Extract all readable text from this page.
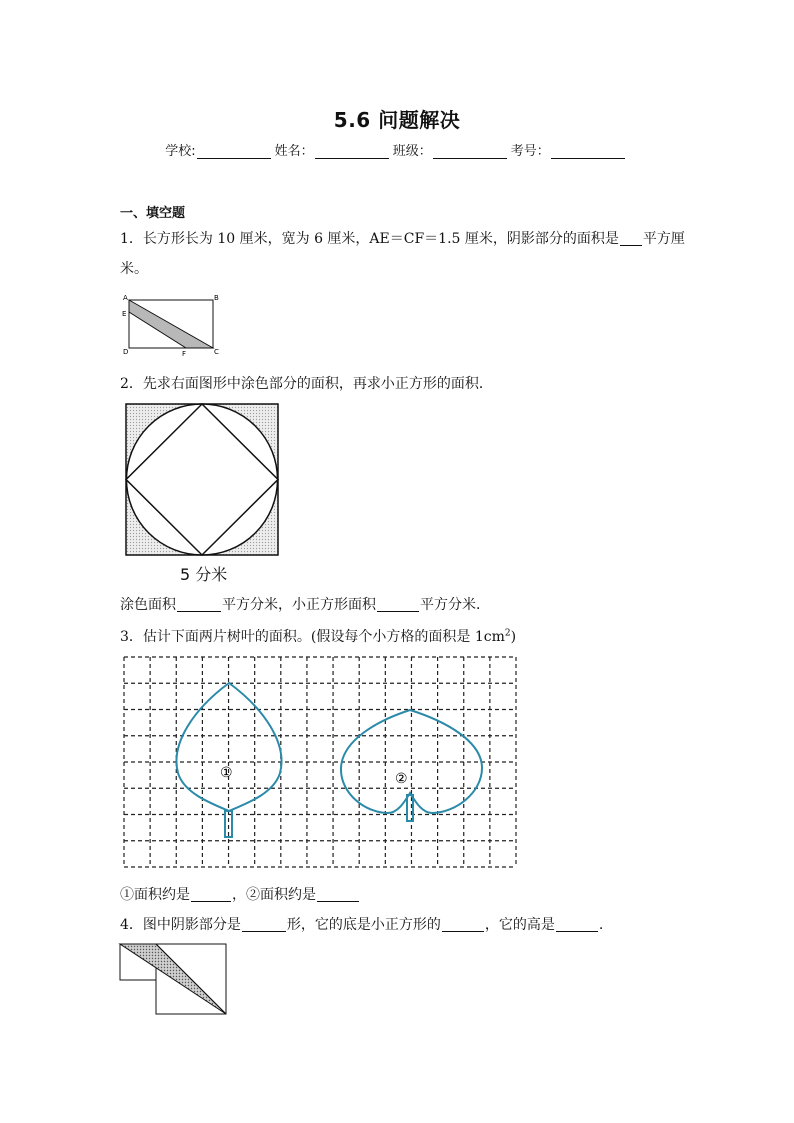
5.6 问题解决
学校:	姓名：	班级：	考号：
一、填空题
1．长方形长为 10 厘米，宽为 6 厘米，AE＝CF＝1.5 厘米，阴影部分的面积是 平方厘
米。
A	B
C
D
E
F
2．先求右面图形中涂色部分的面积，再求小正方形的面积．
5 分米
涂色面积	平方分米，小正方形面积	平方分米．
3．估计下面两片树叶的面积。(假设每个小方格的面积是 $1cm^2$)
①	②
①面积约是	，②面积约是
4．图中阴影部分是	形，它的底是小正方形的	，它的高是	.
